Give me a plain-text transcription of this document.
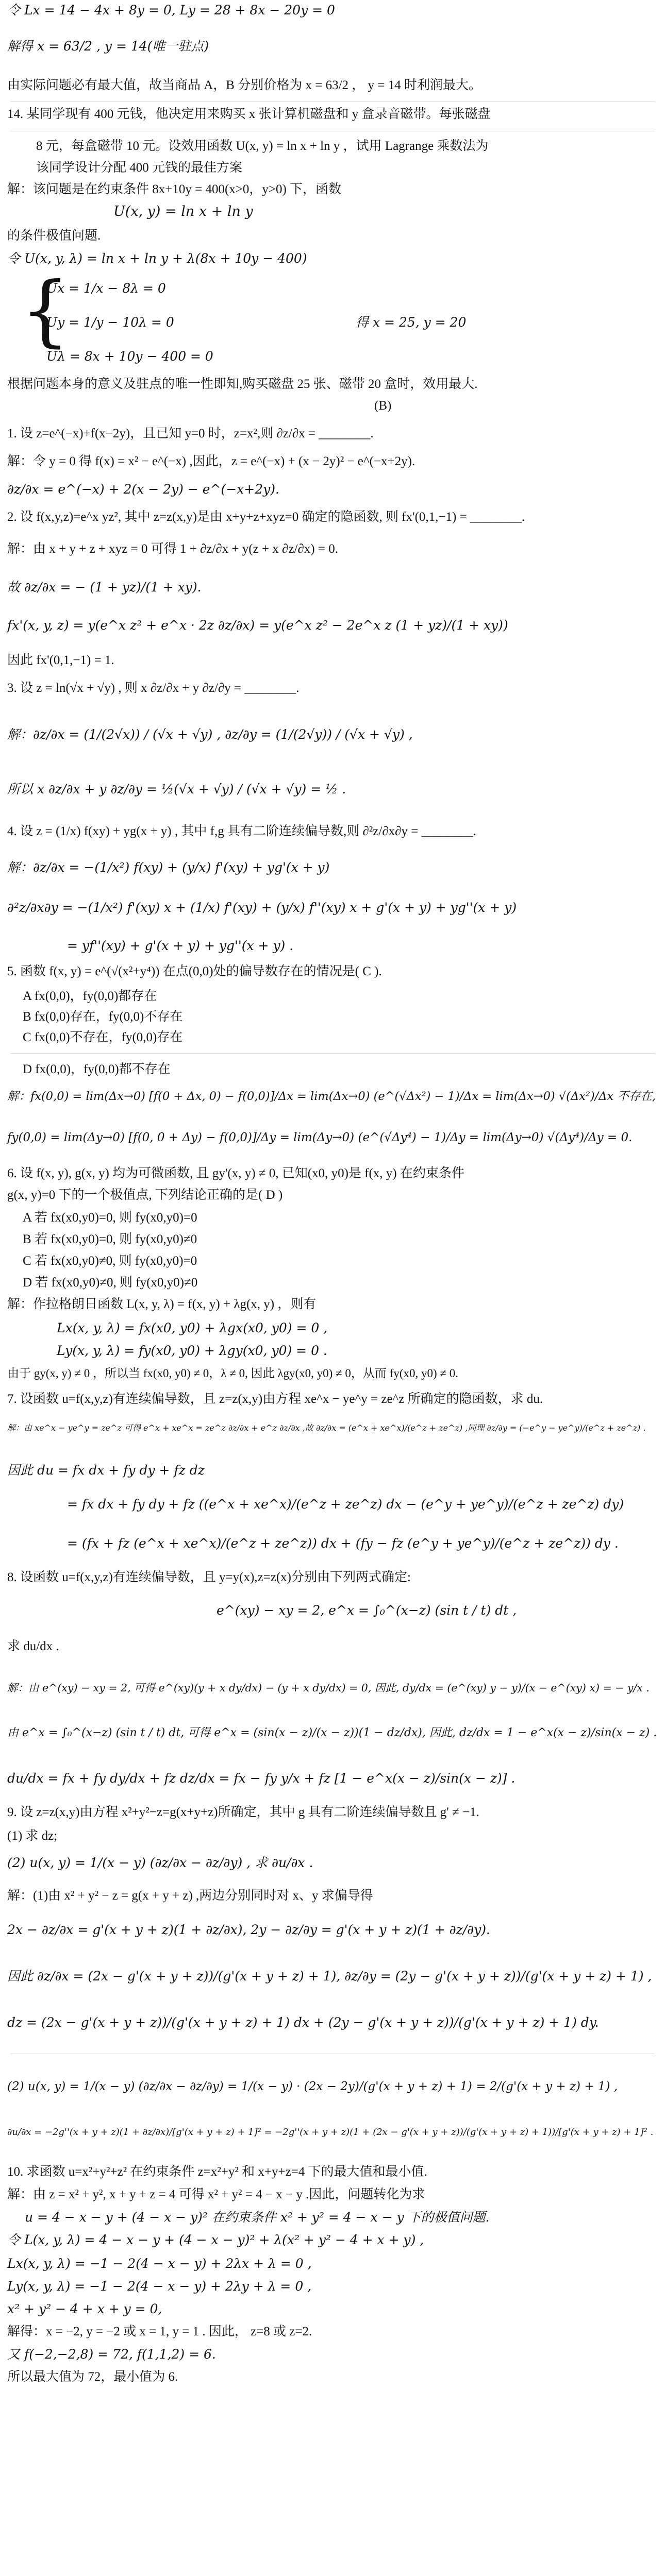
令 Lx = 14 − 4x + 8y = 0, Ly = 28 + 8x − 20y = 0
解得 x = 63/2 , y = 14(唯一驻点)
由实际问题必有最大值，故当商品 A，B 分别价格为 x = 63/2 ， y = 14 时利润最大。
14. 某同学现有 400 元钱，他决定用来购买 x 张计算机磁盘和 y 盒录音磁带。每张磁盘
8 元，每盒磁带 10 元。设效用函数 U(x, y) = ln x + ln y ，试用 Lagrange 乘数法为
该同学设计分配 400 元钱的最佳方案
解：该问题是在约束条件 8x+10y = 400(x>0，y>0) 下，函数
U(x, y) = ln x + ln y
的条件极值问题.
令 U(x, y, λ) = ln x + ln y + λ(8x + 10y − 400)
{
Ux = 1/x − 8λ = 0
Uy = 1/y − 10λ = 0	得 x = 25, y = 20
Uλ = 8x + 10y − 400 = 0
根据问题本身的意义及驻点的唯一性即知,购买磁盘 25 张、磁带 20 盒时，效用最大.
(B)
1. 设 z=e^(−x)+f(x−2y)，且已知 y=0 时，z=x²,则 ∂z/∂x = ________.
解：令 y = 0 得 f(x) = x² − e^(−x) ,因此，z = e^(−x) + (x − 2y)² − e^(−x+2y).
∂z/∂x = e^(−x) + 2(x − 2y) − e^(−x+2y).
2. 设 f(x,y,z)=e^x yz², 其中 z=z(x,y)是由 x+y+z+xyz=0 确定的隐函数, 则 fx'(0,1,−1) = ________.
解：由 x + y + z + xyz = 0 可得 1 + ∂z/∂x + y(z + x ∂z/∂x) = 0.
故 ∂z/∂x = − (1 + yz)/(1 + xy).
fx'(x, y, z) = y(e^x z² + e^x · 2z ∂z/∂x) = y(e^x z² − 2e^x z (1 + yz)/(1 + xy))
因此 fx'(0,1,−1) = 1.
3. 设 z = ln(√x + √y) , 则 x ∂z/∂x + y ∂z/∂y = ________.
解：∂z/∂x = (1/(2√x)) / (√x + √y) , ∂z/∂y = (1/(2√y)) / (√x + √y) ,
所以 x ∂z/∂x + y ∂z/∂y = ½(√x + √y) / (√x + √y) = ½ .
4. 设 z = (1/x) f(xy) + yg(x + y) , 其中 f,g 具有二阶连续偏导数,则 ∂²z/∂x∂y = ________.
解：∂z/∂x = −(1/x²) f(xy) + (y/x) f'(xy) + yg'(x + y)
∂²z/∂x∂y = −(1/x²) f'(xy) x + (1/x) f'(xy) + (y/x) f''(xy) x + g'(x + y) + yg''(x + y)
= yf''(xy) + g'(x + y) + yg''(x + y) .
5. 函数 f(x, y) = e^(√(x²+y⁴)) 在点(0,0)处的偏导数存在的情况是( C ).
A fx(0,0)，fy(0,0)都存在
B fx(0,0)存在，fy(0,0)不存在
C fx(0,0)不存在，fy(0,0)存在
D fx(0,0)，fy(0,0)都不存在
解：fx(0,0) = lim(Δx→0) [f(0 + Δx, 0) − f(0,0)]/Δx = lim(Δx→0) (e^(√Δx²) − 1)/Δx = lim(Δx→0) √(Δx²)/Δx 不存在,
fy(0,0) = lim(Δy→0) [f(0, 0 + Δy) − f(0,0)]/Δy = lim(Δy→0) (e^(√Δy⁴) − 1)/Δy = lim(Δy→0) √(Δy⁴)/Δy = 0.
6. 设 f(x, y), g(x, y) 均为可微函数, 且 gy'(x, y) ≠ 0, 已知(x0, y0)是 f(x, y) 在约束条件
g(x, y)=0 下的一个极值点, 下列结论正确的是( D )
A 若 fx(x0,y0)=0, 则 fy(x0,y0)=0
B 若 fx(x0,y0)=0, 则 fy(x0,y0)≠0
C 若 fx(x0,y0)≠0, 则 fy(x0,y0)=0
D 若 fx(x0,y0)≠0, 则 fy(x0,y0)≠0
解：作拉格朗日函数 L(x, y, λ) = f(x, y) + λg(x, y) ，则有
Lx(x, y, λ) = fx(x0, y0) + λgx(x0, y0) = 0 ,
Ly(x, y, λ) = fy(x0, y0) + λgy(x0, y0) = 0 .
由于 gy(x, y) ≠ 0 ，所以当 fx(x0, y0) ≠ 0，λ ≠ 0, 因此 λgy(x0, y0) ≠ 0，从而 fy(x0, y0) ≠ 0.
7. 设函数 u=f(x,y,z)有连续偏导数，且 z=z(x,y)由方程 xe^x − ye^y = ze^z 所确定的隐函数，求 du.
解：由 xe^x − ye^y = ze^z 可得 e^x + xe^x = ze^z ∂z/∂x + e^z ∂z/∂x ,故 ∂z/∂x = (e^x + xe^x)/(e^z + ze^z) ,同理 ∂z/∂y = (−e^y − ye^y)/(e^z + ze^z) .
因此 du = fx dx + fy dy + fz dz
= fx dx + fy dy + fz ((e^x + xe^x)/(e^z + ze^z) dx − (e^y + ye^y)/(e^z + ze^z) dy)
= (fx + fz (e^x + xe^x)/(e^z + ze^z)) dx + (fy − fz (e^y + ye^y)/(e^z + ze^z)) dy .
8. 设函数 u=f(x,y,z)有连续偏导数，且 y=y(x),z=z(x)分别由下列两式确定:
e^(xy) − xy = 2, e^x = ∫₀^(x−z) (sin t / t) dt ,
求 du/dx .
解：由 e^(xy) − xy = 2, 可得 e^(xy)(y + x dy/dx) − (y + x dy/dx) = 0, 因此, dy/dx = (e^(xy) y − y)/(x − e^(xy) x) = − y/x .
由 e^x = ∫₀^(x−z) (sin t / t) dt, 可得 e^x = (sin(x − z)/(x − z))(1 − dz/dx), 因此, dz/dx = 1 − e^x(x − z)/sin(x − z) .
du/dx = fx + fy dy/dx + fz dz/dx = fx − fy y/x + fz [1 − e^x(x − z)/sin(x − z)] .
9. 设 z=z(x,y)由方程 x²+y²−z=g(x+y+z)所确定，其中 g 具有二阶连续偏导数且 g' ≠ −1.
(1) 求 dz;
(2) u(x, y) = 1/(x − y) (∂z/∂x − ∂z/∂y) , 求 ∂u/∂x .
解：(1)由 x² + y² − z = g(x + y + z) ,两边分别同时对 x、y 求偏导得
2x − ∂z/∂x = g'(x + y + z)(1 + ∂z/∂x), 2y − ∂z/∂y = g'(x + y + z)(1 + ∂z/∂y).
因此 ∂z/∂x = (2x − g'(x + y + z))/(g'(x + y + z) + 1), ∂z/∂y = (2y − g'(x + y + z))/(g'(x + y + z) + 1) ,
dz = (2x − g'(x + y + z))/(g'(x + y + z) + 1) dx + (2y − g'(x + y + z))/(g'(x + y + z) + 1) dy.
(2) u(x, y) = 1/(x − y) (∂z/∂x − ∂z/∂y) = 1/(x − y) · (2x − 2y)/(g'(x + y + z) + 1) = 2/(g'(x + y + z) + 1) ,
∂u/∂x = −2g''(x + y + z)(1 + ∂z/∂x)/[g'(x + y + z) + 1]² = −2g''(x + y + z)(1 + (2x − g'(x + y + z))/(g'(x + y + z) + 1))/[g'(x + y + z) + 1]² .
10. 求函数 u=x²+y²+z² 在约束条件 z=x²+y² 和 x+y+z=4 下的最大值和最小值.
解：由 z = x² + y², x + y + z = 4 可得 x² + y² = 4 − x − y .因此，问题转化为求
u = 4 − x − y + (4 − x − y)² 在约束条件 x² + y² = 4 − x − y 下的极值问题.
令 L(x, y, λ) = 4 − x − y + (4 − x − y)² + λ(x² + y² − 4 + x + y) ,
Lx(x, y, λ) = −1 − 2(4 − x − y) + 2λx + λ = 0 ,
Ly(x, y, λ) = −1 − 2(4 − x − y) + 2λy + λ = 0 ,
x² + y² − 4 + x + y = 0,
解得：x = −2, y = −2 或 x = 1, y = 1 . 因此， z=8 或 z=2.
又 f(−2,−2,8) = 72, f(1,1,2) = 6.
所以最大值为 72，最小值为 6.
